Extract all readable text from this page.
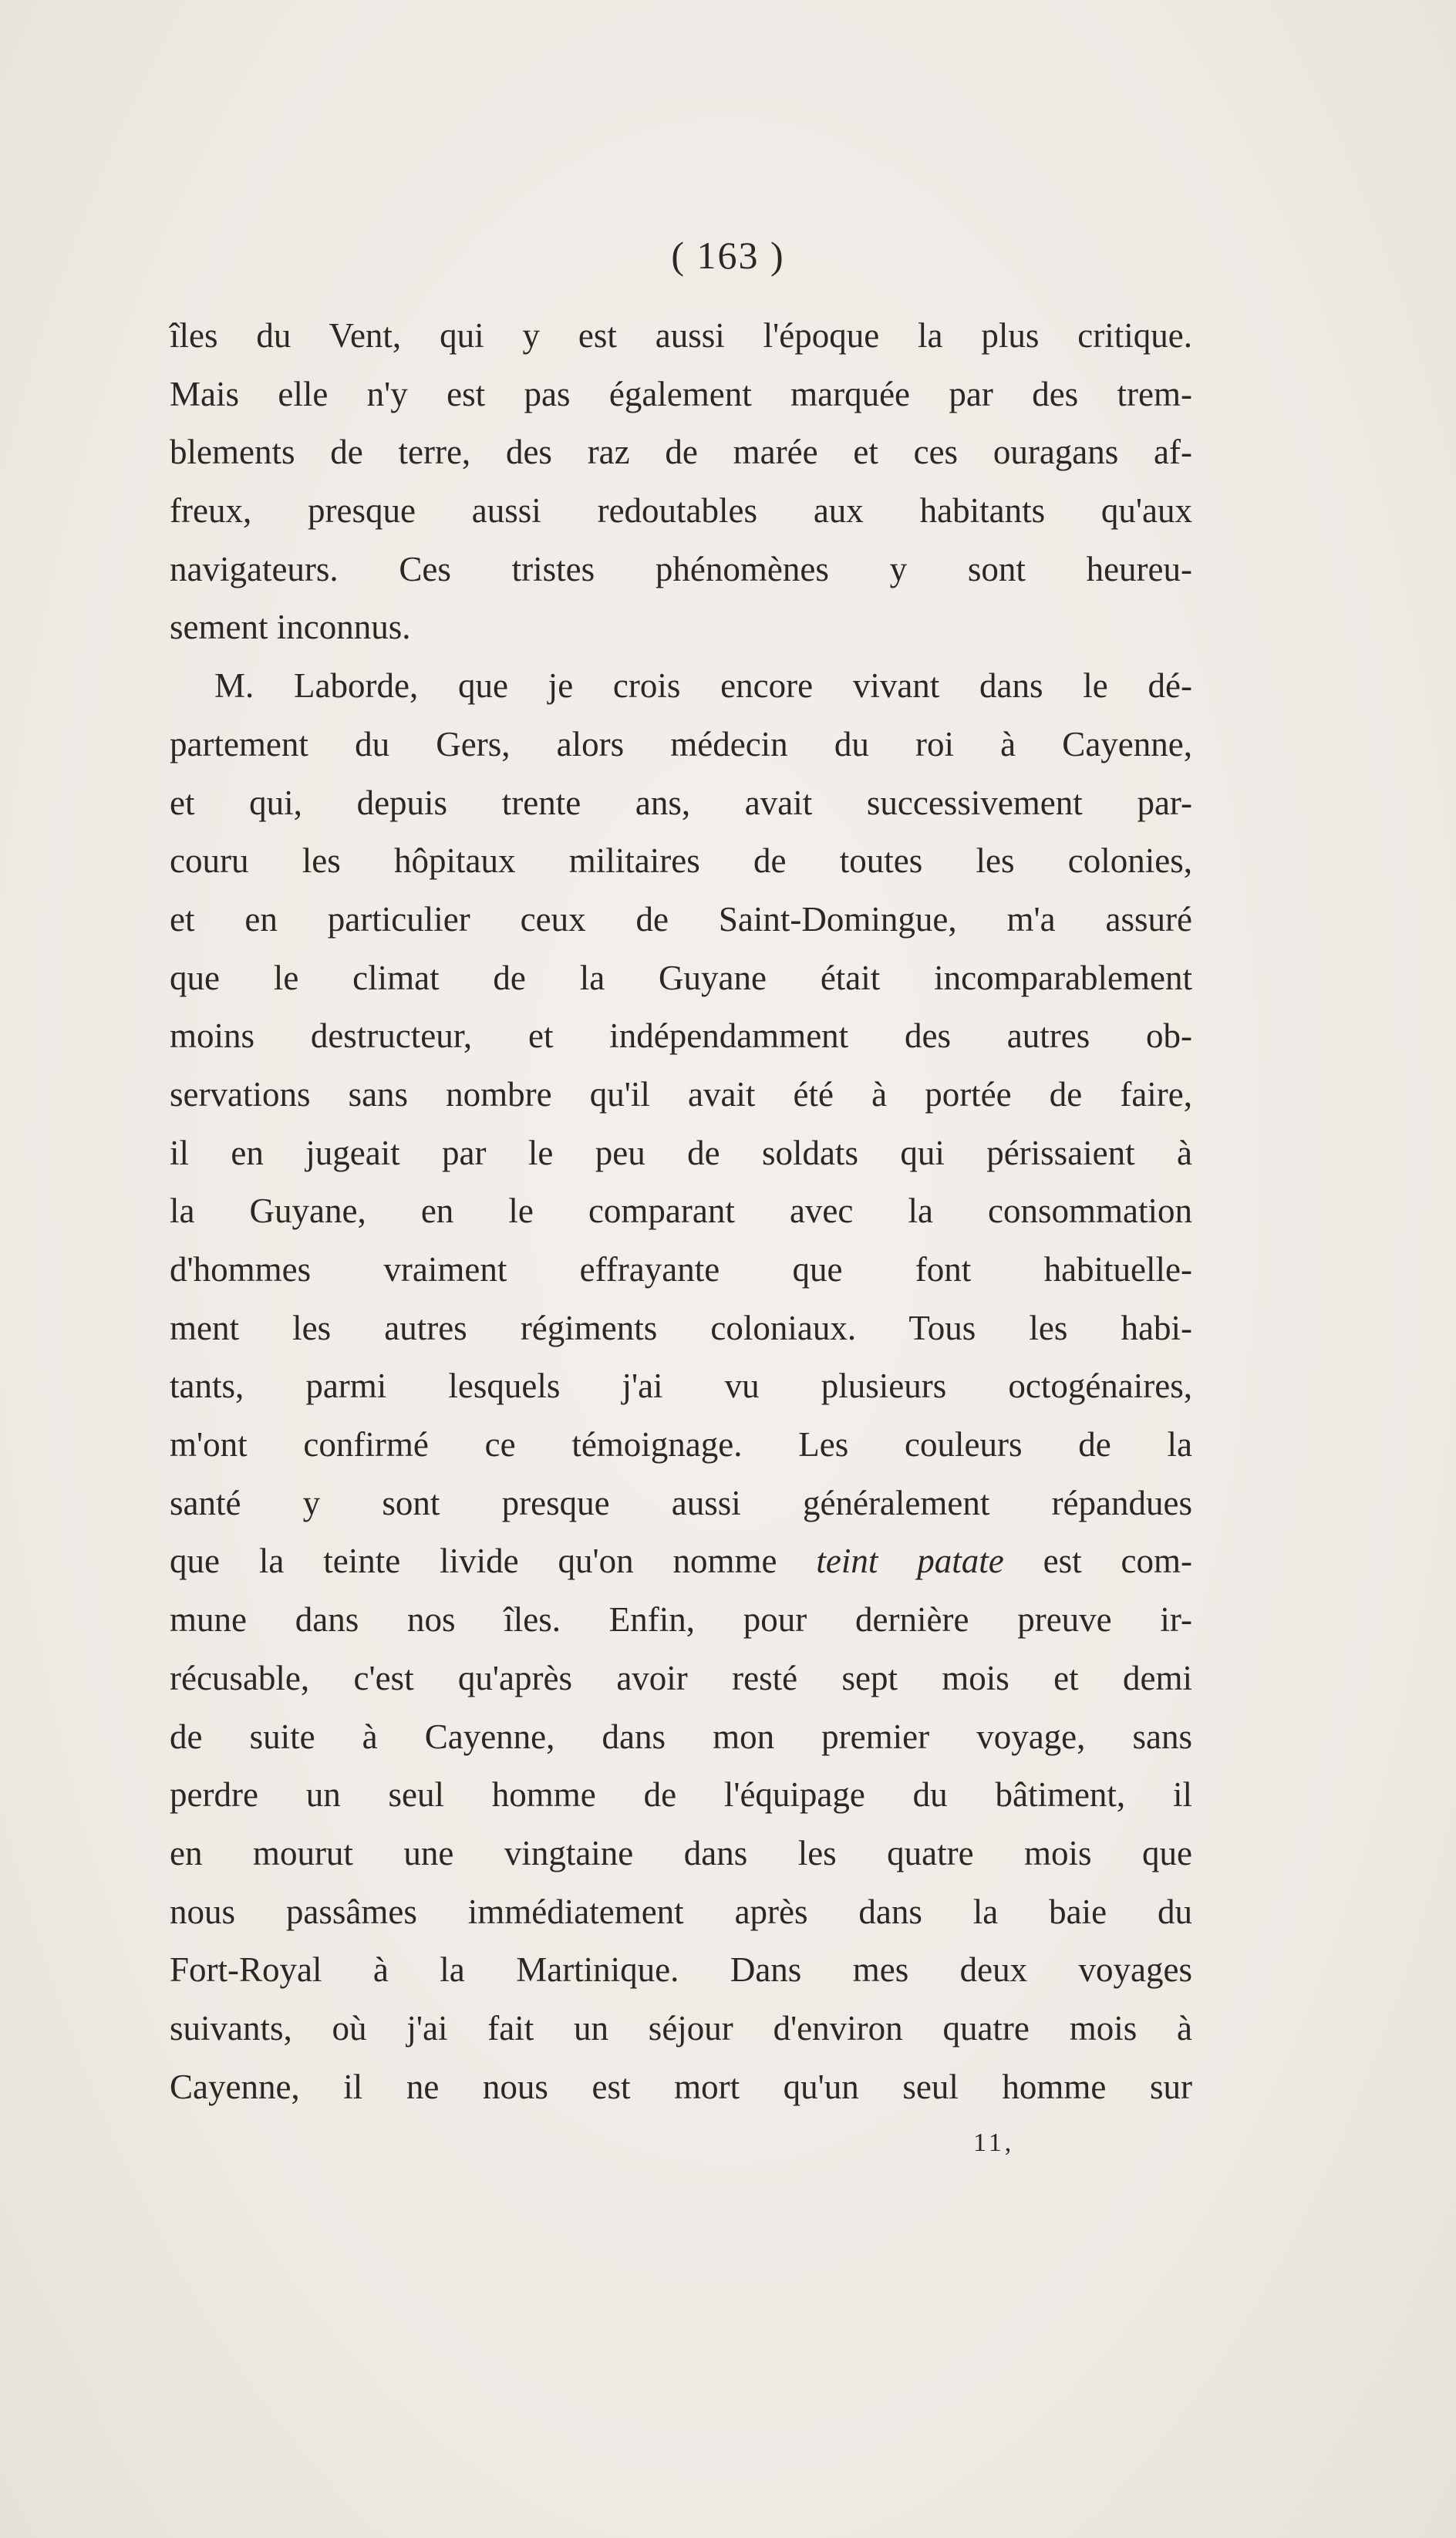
( 163 )
îles du Vent, qui y est aussi l'époque la plus critique.
Mais elle n'y est pas également marquée par des trem-
blements de terre, des raz de marée et ces ouragans af-
freux, presque aussi redoutables aux habitants qu'aux
navigateurs. Ces tristes phénomènes y sont heureu-
sement inconnus.
M. Laborde, que je crois encore vivant dans le dé-
partement du Gers, alors médecin du roi à Cayenne,
et qui, depuis trente ans, avait successivement par-
couru les hôpitaux militaires de toutes les colonies,
et en particulier ceux de Saint-Domingue, m'a assuré
que le climat de la Guyane était incomparablement
moins destructeur, et indépendamment des autres ob-
servations sans nombre qu'il avait été à portée de faire,
il en jugeait par le peu de soldats qui périssaient à
la Guyane, en le comparant avec la consommation
d'hommes vraiment effrayante que font habituelle-
ment les autres régiments coloniaux. Tous les habi-
tants, parmi lesquels j'ai vu plusieurs octogénaires,
m'ont confirmé ce témoignage. Les couleurs de la
santé y sont presque aussi généralement répandues
que la teinte livide qu'on nomme teint patate est com-
mune dans nos îles. Enfin, pour dernière preuve ir-
récusable, c'est qu'après avoir resté sept mois et demi
de suite à Cayenne, dans mon premier voyage, sans
perdre un seul homme de l'équipage du bâtiment, il
en mourut une vingtaine dans les quatre mois que
nous passâmes immédiatement après dans la baie du
Fort-Royal à la Martinique. Dans mes deux voyages
suivants, où j'ai fait un séjour d'environ quatre mois à
Cayenne, il ne nous est mort qu'un seul homme sur
11,
